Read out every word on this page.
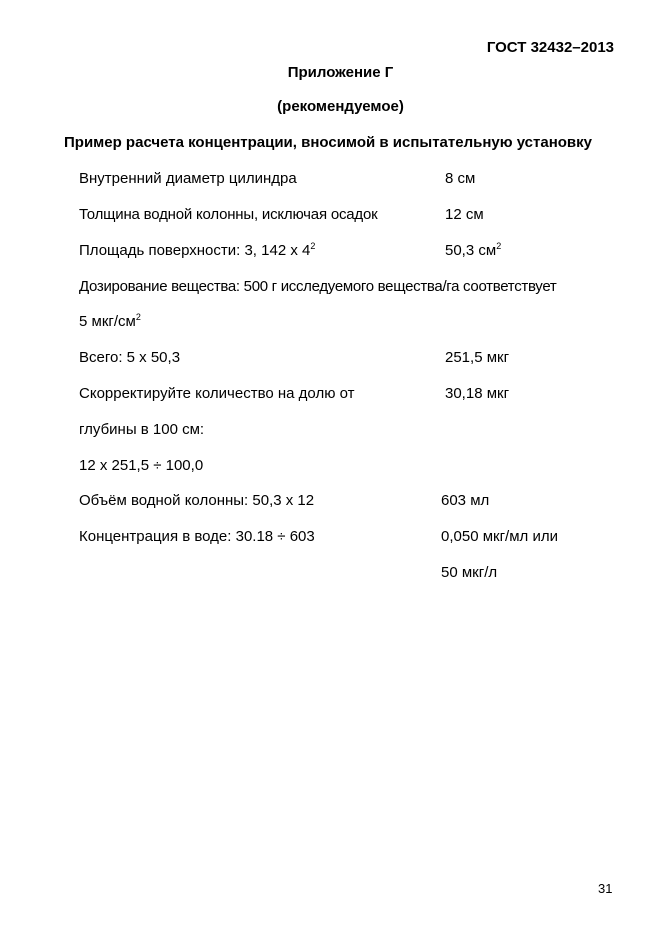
ГОСТ 32432–2013
Приложение Г
(рекомендуемое)
Пример расчета концентрации, вносимой в испытательную установку
Внутренний диаметр цилиндра	8 см
Толщина водной колонны, исключая осадок	12 см
Площадь поверхности: 3, 142 х $4^2$	50,3 $см^2$
Дозирование вещества: 500 г исследуемого вещества/га соответствует
5 мкг/$см^2$
Всего: 5 х 50,3	251,5 мкг
Скорректируйте количество на долю от	30,18 мкг
глубины в 100 см:
12 х 251,5 ÷ 100,0
Объём водной колонны: 50,3 х 12	603 мл
Концентрация в воде: 30.18 ÷ 603	0,050 мкг/мл или
50 мкг/л
31
